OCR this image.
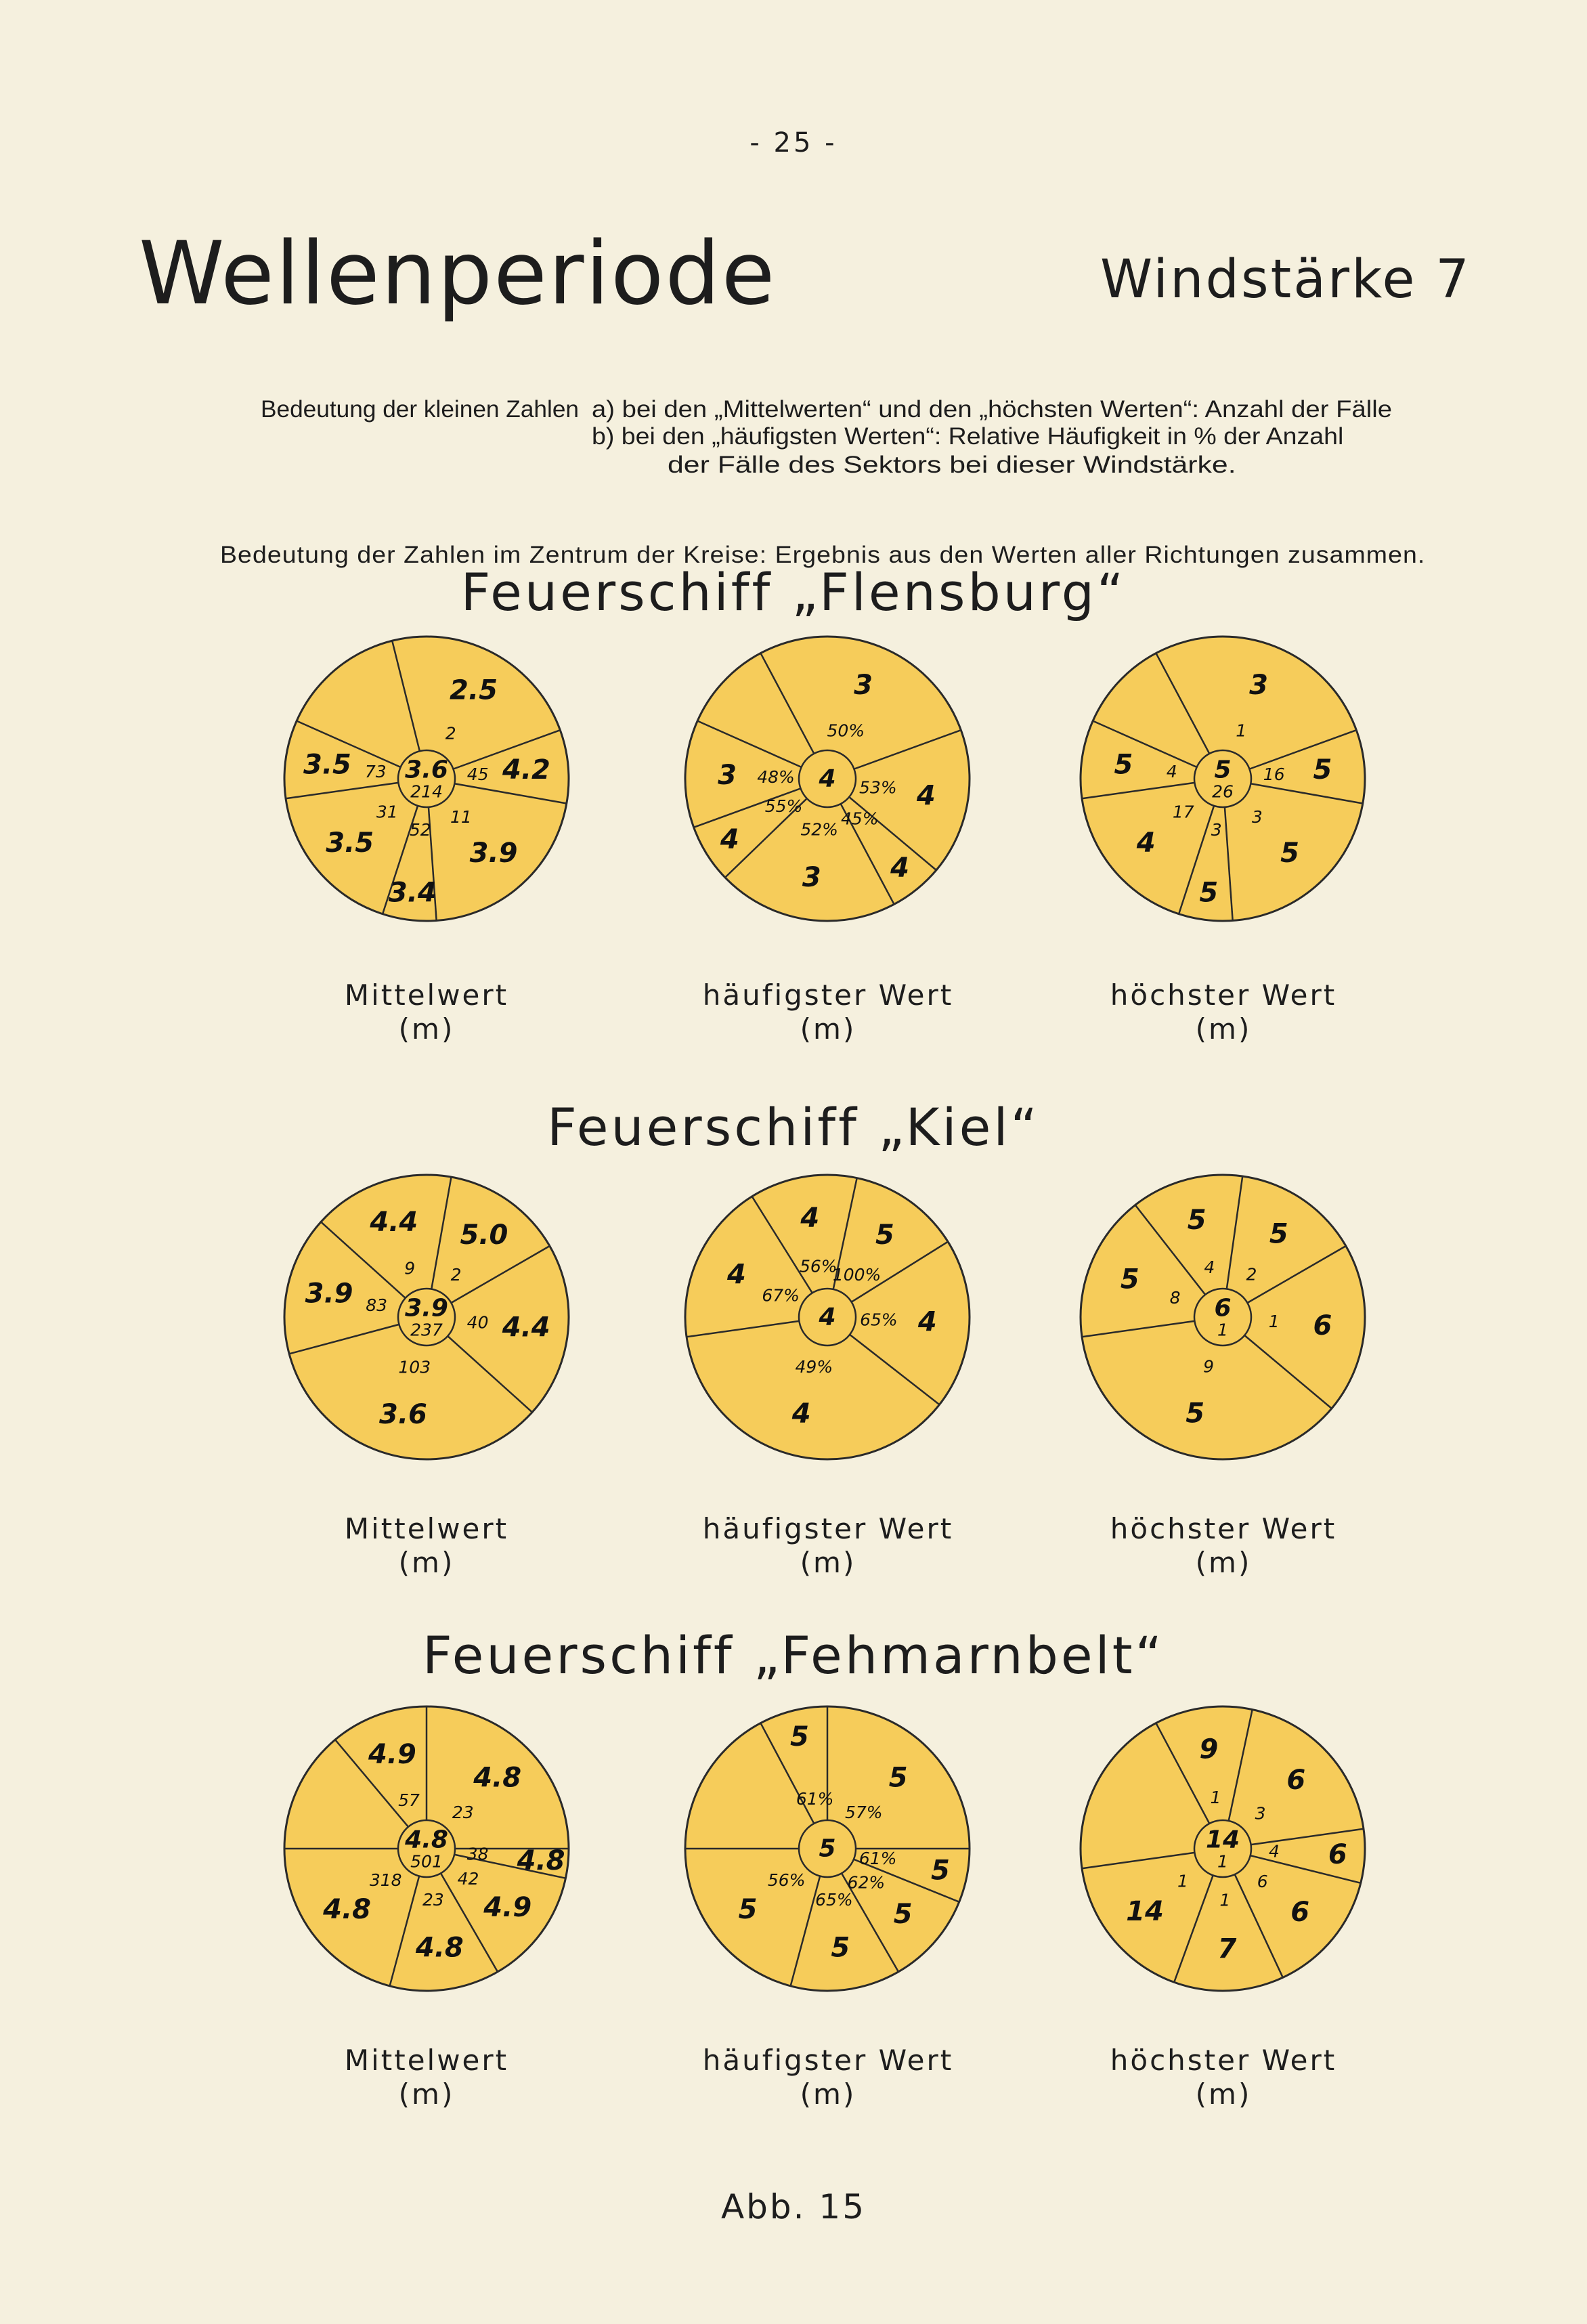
- 25 -
Wellenperiode	Windstärke 7
Bedeutung der kleinen Zahlen a) bei den „Mittelwerten“ und den „höchsten Werten“: Anzahl der Fälle
b) bei den „häufigsten Werten“: Relative Häufigkeit in % der Anzahl
der Fälle des Sektors bei dieser Windstärke.
Bedeutung der Zahlen im Zentrum der Kreise: Ergebnis aus den Werten aller Richtungen zusammen.
Feuerschiff „Flensburg“
Feuerschiff „Kiel“
Feuerschiff „Fehmarnbelt“
2.5
2
4.2
45
3.9
11
3.4
52
3.5
31
3.5 73 3.6
214
3
50%
4
53%
4
45%
3
52%
4
55%
3 48% 4
3
1
5
16
5
3
5
3
4
17
5 4 5
26
4.4
9
5.0
2
4.4
40
3.6
103
3.9 83 3.9
237
4
56%
5
100%
4
65%
4
49%
4
67%
4
5
4
5
2
6
1
5
9
5
8 6
1
4.9
57
4.8
23
4.8
38
4.9
42
4.8
23
4.8
318
4.8
501
5
61%
5
57%
5
61%
5
62%
5
65%
5
56%
5
9
1
6
3
6
4
6
6
7
1
14
1
14
1
Mittelwert
(m)
häufigster Wert
(m)
höchster Wert
(m)
Mittelwert
(m)
häufigster Wert
(m)
höchster Wert
(m)
Mittelwert
(m)
häufigster Wert
(m)
höchster Wert
(m)
Abb. 15
